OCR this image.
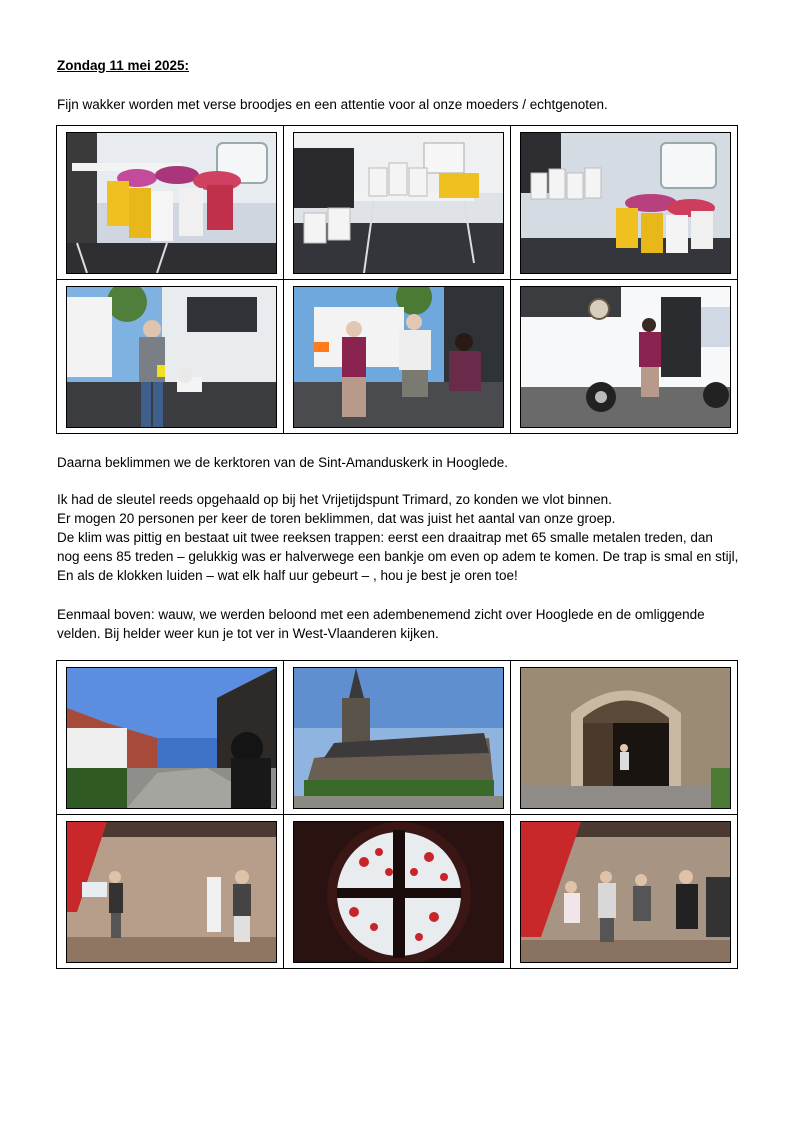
Zondag 11 mei 2025:
Fijn wakker worden met verse broodjes en een attentie voor al onze moeders / echtgenoten.

Daarna beklimmen we de kerktoren van de Sint-Amanduskerk in Hooglede.
Ik had de sleutel reeds opgehaald op bij het Vrijetijdspunt Trimard, zo konden we vlot binnen.
Er mogen 20 personen per keer de toren beklimmen, dat was juist het aantal van onze groep.
De klim was pittig en bestaat uit twee reeksen trappen: eerst een draaitrap met 65 smalle metalen treden, dan
nog eens 85 treden – gelukkig was er halverwege een bankje om even op adem te komen. De trap is smal en stijl,
En als de klokken luiden – wat elk half uur gebeurt – , hou je best je oren toe!
Eenmaal boven: wauw, we werden beloond met een adembenemend zicht over Hooglede en de omliggende
velden. Bij helder weer kun je tot ver in West-Vlaanderen kijken.
